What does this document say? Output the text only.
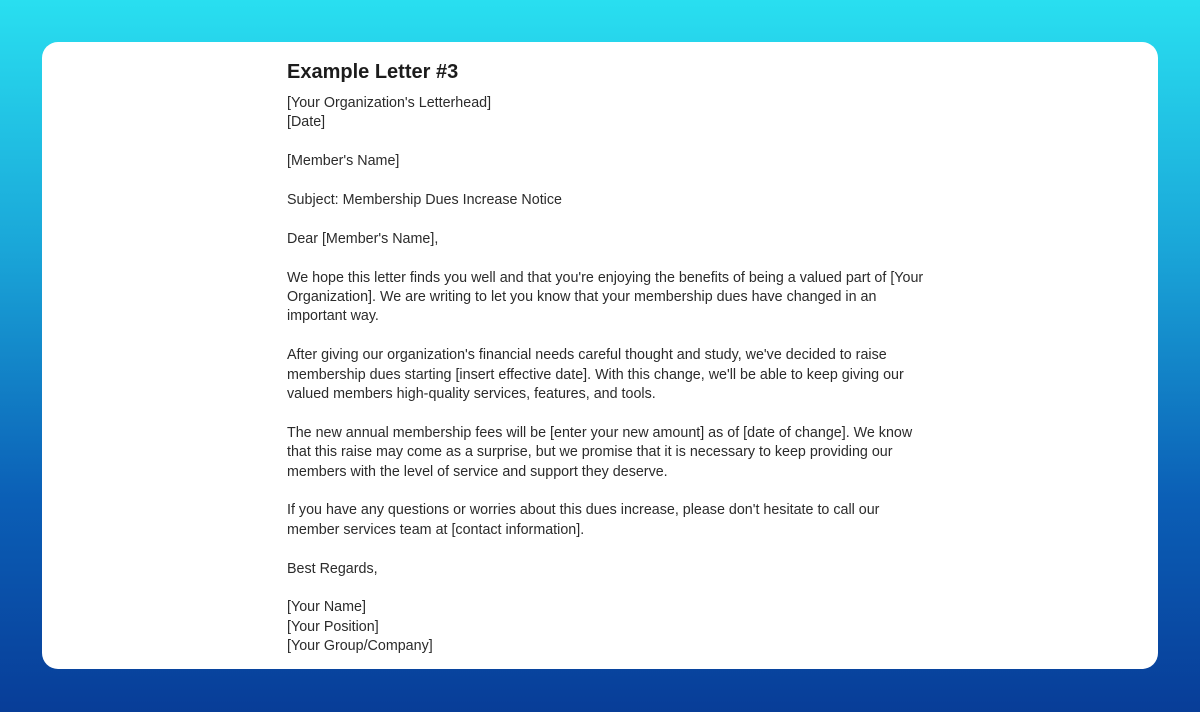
Example Letter #3

[Your Organization's Letterhead]

[Date]

[Member's Name]

Subject: Membership Dues Increase Notice

Dear [Member's Name],

We hope this letter finds you well and that you're enjoying the benefits of being a valued part of [Your Organization]. We are writing to let you know that your membership dues have changed in an important way.

After giving our organization's financial needs careful thought and study, we've decided to raise membership dues starting [insert effective date]. With this change, we'll be able to keep giving our valued members high-quality services, features, and tools.

The new annual membership fees will be [enter your new amount] as of [date of change]. We know that this raise may come as a surprise, but we promise that it is necessary to keep providing our members with the level of service and support they deserve.

If you have any questions or worries about this dues increase, please don't hesitate to call our member services team at [contact information].

Best Regards,

[Your Name]

[Your Position]

[Your Group/Company]
